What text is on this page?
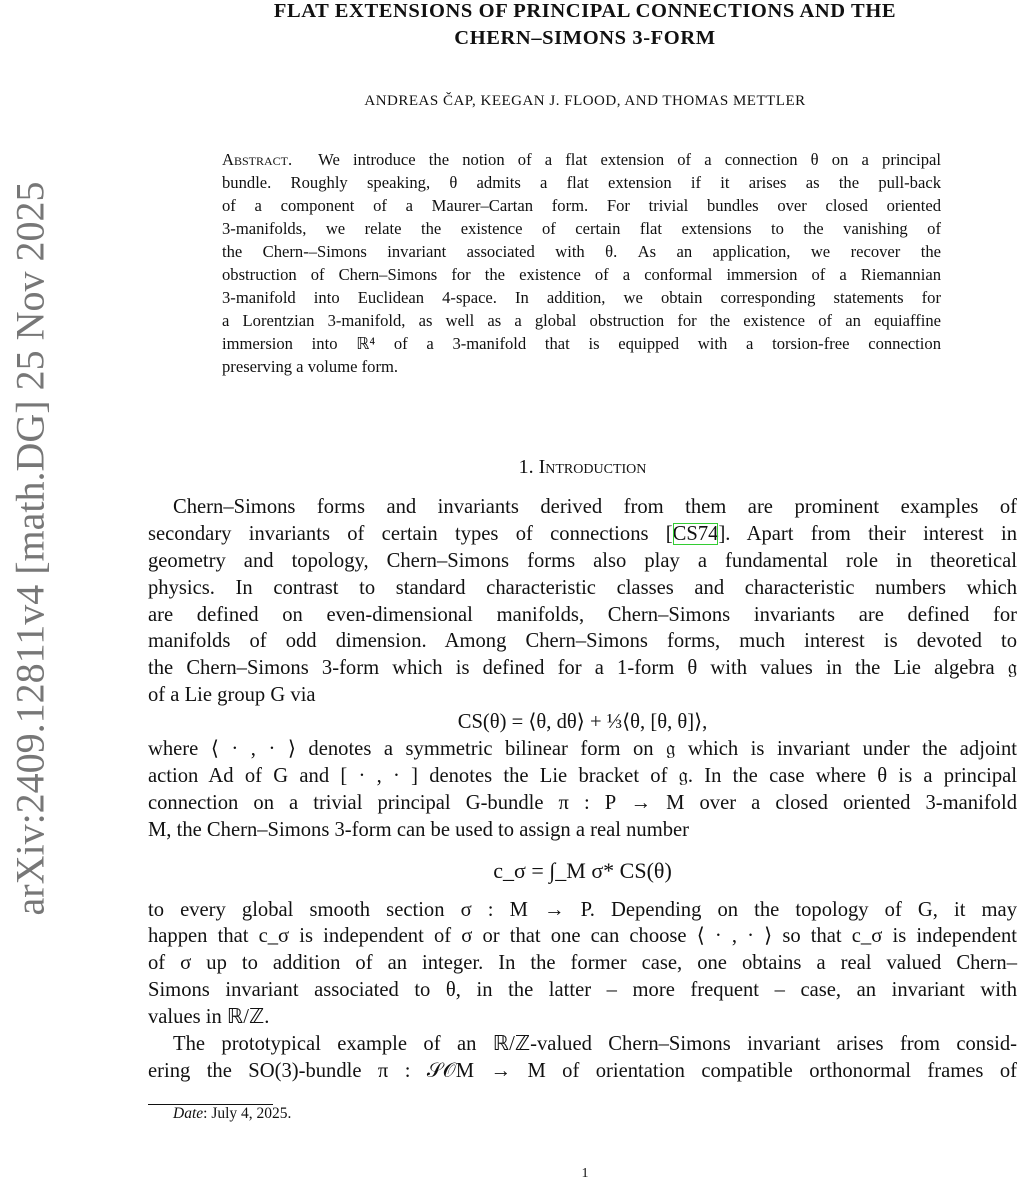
arXiv:2409.12811v4 [math.DG] 25 Nov 2025
FLAT EXTENSIONS OF PRINCIPAL CONNECTIONS AND THE
CHERN–SIMONS 3-FORM
ANDREAS ČAP, KEEGAN J. FLOOD, AND THOMAS METTLER
Abstract. We introduce the notion of a flat extension of a connection θ on a principal
bundle. Roughly speaking, θ admits a flat extension if it arises as the pull-back
of a component of a Maurer–Cartan form. For trivial bundles over closed oriented
3-manifolds, we relate the existence of certain flat extensions to the vanishing of
the Chern-–Simons invariant associated with θ. As an application, we recover the
obstruction of Chern–Simons for the existence of a conformal immersion of a Riemannian
3-manifold into Euclidean 4-space. In addition, we obtain corresponding statements for
a Lorentzian 3-manifold, as well as a global obstruction for the existence of an equiaffine
immersion into ℝ⁴ of a 3-manifold that is equipped with a torsion-free connection
preserving a volume form.
1. Introduction
Chern–Simons forms and invariants derived from them are prominent examples of
secondary invariants of certain types of connections [CS74]. Apart from their interest in
geometry and topology, Chern–Simons forms also play a fundamental role in theoretical
physics. In contrast to standard characteristic classes and characteristic numbers which
are defined on even-dimensional manifolds, Chern–Simons invariants are defined for
manifolds of odd dimension. Among Chern–Simons forms, much interest is devoted to
the Chern–Simons 3-form which is defined for a 1-form θ with values in the Lie algebra 𝔤
of a Lie group G via
CS(θ) = ⟨θ, dθ⟩ + ⅓⟨θ, [θ, θ]⟩,
where ⟨ · , · ⟩ denotes a symmetric bilinear form on 𝔤 which is invariant under the adjoint
action Ad of G and [ · , · ] denotes the Lie bracket of 𝔤. In the case where θ is a principal
connection on a trivial principal G-bundle π : P → M over a closed oriented 3-manifold
M, the Chern–Simons 3-form can be used to assign a real number
c_σ = ∫_M σ* CS(θ)
to every global smooth section σ : M → P. Depending on the topology of G, it may
happen that c_σ is independent of σ or that one can choose ⟨ · , · ⟩ so that c_σ is independent
of σ up to addition of an integer. In the former case, one obtains a real valued Chern–
Simons invariant associated to θ, in the latter – more frequent – case, an invariant with
values in ℝ/ℤ.
The prototypical example of an ℝ/ℤ-valued Chern–Simons invariant arises from consid-
ering the SO(3)-bundle π : 𝒮𝒪M → M of orientation compatible orthonormal frames of
Date: July 4, 2025.
1
